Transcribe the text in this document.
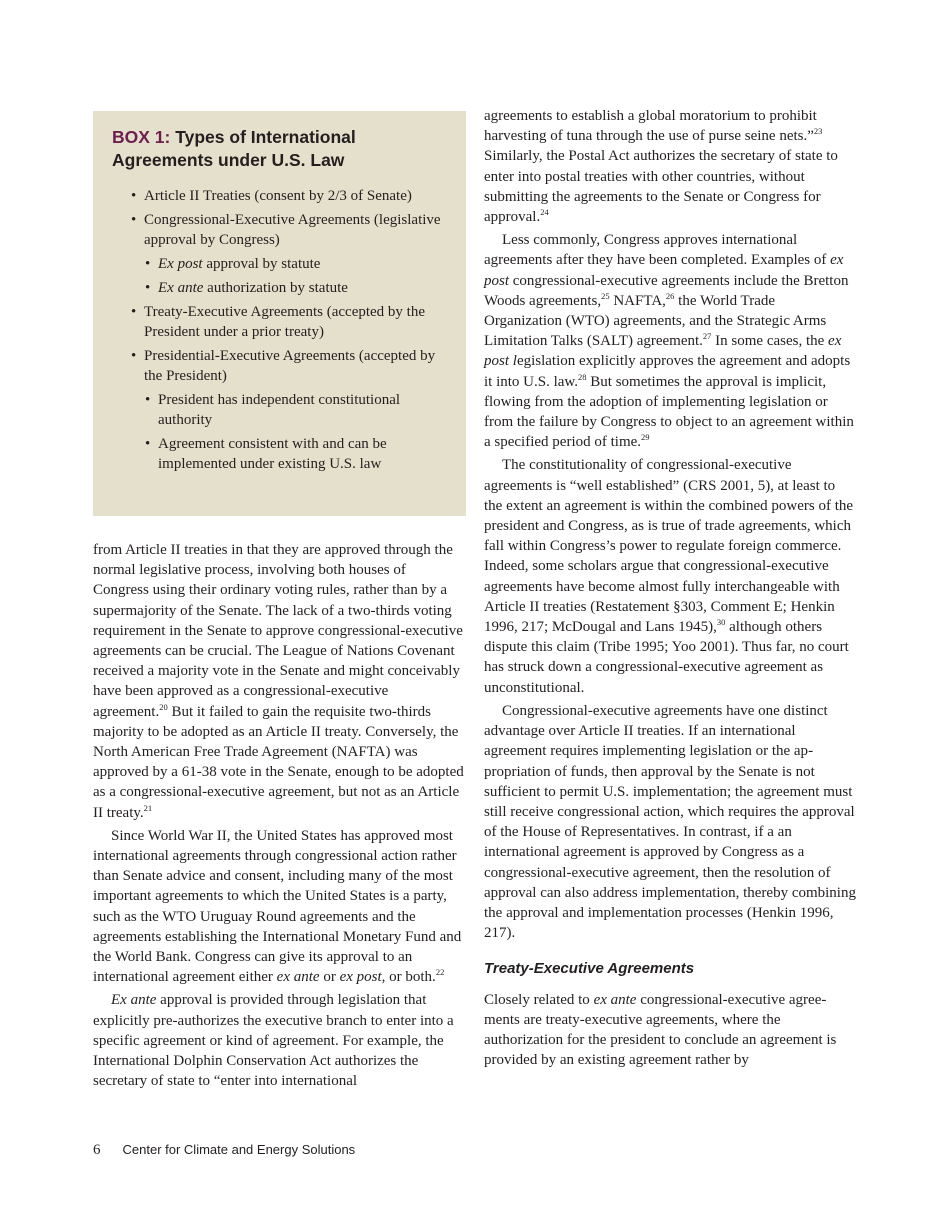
BOX 1: Types of International Agreements under U.S. Law
• Article II Treaties (consent by 2/3 of Senate)
• Congressional-Executive Agreements (legislative approval by Congress)
• Ex post approval by statute
• Ex ante authorization by statute
• Treaty-Executive Agreements (accepted by the President under a prior treaty)
• Presidential-Executive Agreements (accepted by the President)
• President has independent constitutional authority
• Agreement consistent with and can be implemented under existing U.S. law

from Article II treaties in that they are approved through the normal legislative process, involving both houses of Congress using their ordinary voting rules, rather than by a supermajority of the Senate. The lack of a two-thirds voting requirement in the Senate to approve congressional-executive agreements can be crucial. The League of Nations Covenant received a majority vote in the Senate and might conceivably have been approved as a congressional-executive agreement.$^{20}$ But it failed to gain the requisite two-thirds majority to be adopted as an Article II treaty. Conversely, the North American Free Trade Agreement (NAFTA) was approved by a 61-38 vote in the Senate, enough to be adopted as a congressional-executive agreement, but not as an Article II treaty.$^{21}$

Since World War II, the United States has approved most international agreements through congressional action rather than Senate advice and consent, including many of the most important agreements to which the United States is a party, such as the WTO Uruguay Round agreements and the agreements establishing the International Monetary Fund and the World Bank. Congress can give its approval to an international agreement either ex ante or ex post, or both.$^{22}$

Ex ante approval is provided through legislation that explicitly pre-authorizes the executive branch to enter into a specific agreement or kind of agreement. For example, the International Dolphin Conservation Act authorizes the secretary of state to “enter into international

agreements to establish a global moratorium to prohibit harvesting of tuna through the use of purse seine nets.”$^{23}$ Similarly, the Postal Act authorizes the secretary of state to enter into postal treaties with other countries, without submitting the agreements to the Senate or Congress for approval.$^{24}$

Less commonly, Congress approves international agreements after they have been completed. Examples of ex post congressional-executive agreements include the Bretton Woods agreements,$^{25}$ NAFTA,$^{26}$ the World Trade Organization (WTO) agreements, and the Strategic Arms Limitation Talks (SALT) agreement.$^{27}$ In some cases, the ex post legislation explicitly approves the agreement and adopts it into U.S. law.$^{28}$ But sometimes the approval is implicit, flowing from the adoption of implementing legislation or from the failure by Congress to object to an agreement within a specified period of time.$^{29}$

The constitutionality of congressional-executive agreements is “well established” (CRS 2001, 5), at least to the extent an agreement is within the combined powers of the president and Congress, as is true of trade agreements, which fall within Congress’s power to regulate foreign commerce. Indeed, some scholars argue that congressional-executive agreements have become almost fully interchangeable with Article II treaties (Restatement §303, Comment E; Henkin 1996, 217; McDougal and Lans 1945),$^{30}$ although others dispute this claim (Tribe 1995; Yoo 2001). Thus far, no court has struck down a congressional-executive agreement as unconstitutional.

Congressional-executive agreements have one distinct advantage over Article II treaties. If an international agreement requires implementing legislation or the appropriation of funds, then approval by the Senate is not sufficient to permit U.S. implementation; the agreement must still receive congressional action, which requires the approval of the House of Representatives. In contrast, if a an international agreement is approved by Congress as a congressional-executive agreement, then the resolution of approval can also address implementation, thereby combining the approval and implementation processes (Henkin 1996, 217).

Treaty-Executive Agreements

Closely related to ex ante congressional-executive agreements are treaty-executive agreements, where the authorization for the president to conclude an agreement is provided by an existing agreement rather by

6 Center for Climate and Energy Solutions
